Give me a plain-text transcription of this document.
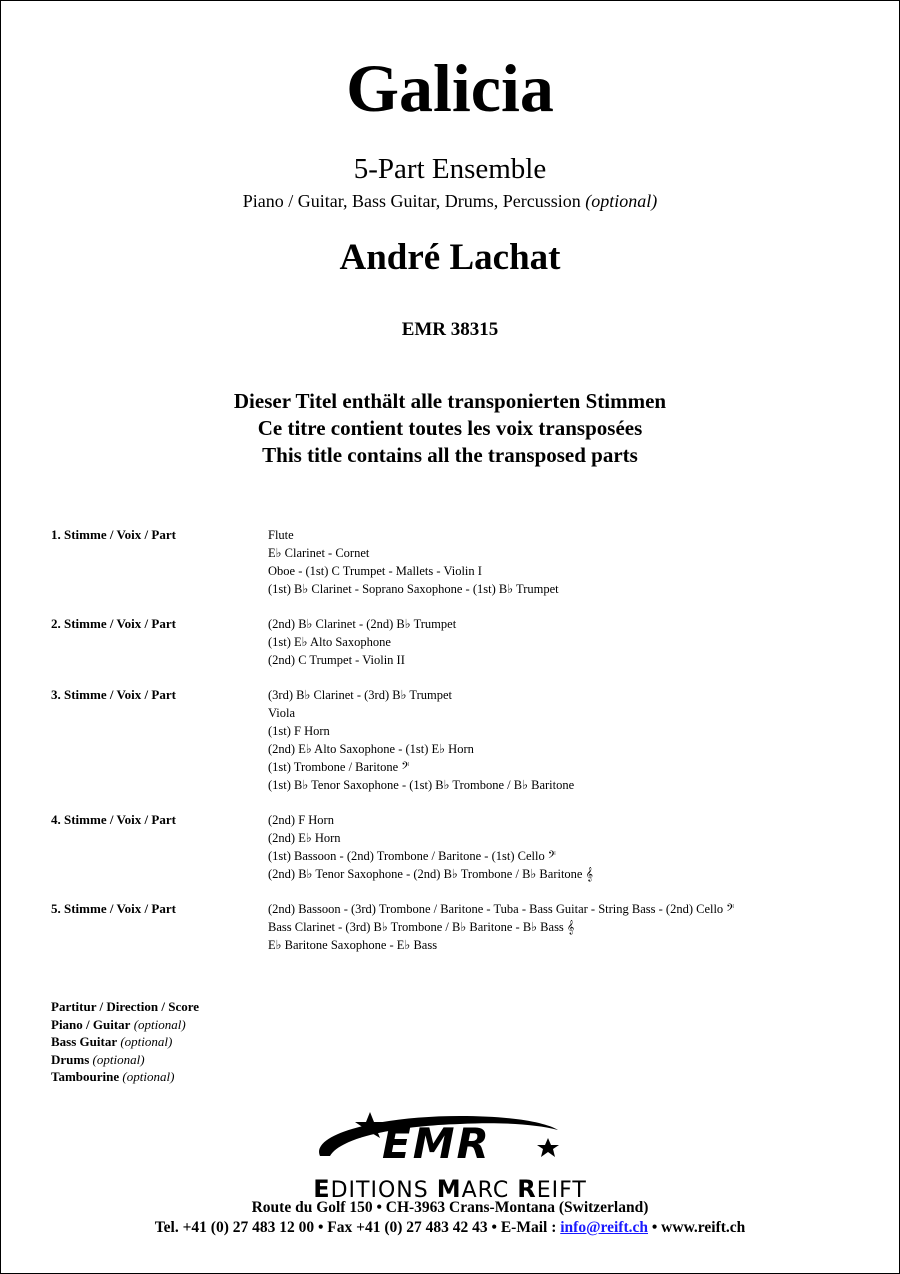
Galicia
5-Part Ensemble
Piano / Guitar, Bass Guitar, Drums, Percussion (optional)
André Lachat
EMR 38315
Dieser Titel enthält alle transponierten Stimmen
Ce titre contient toutes les voix transposées
This title contains all the transposed parts
1. Stimme / Voix / Part	Flute
E♭ Clarinet - Cornet
Oboe - (1st) C Trumpet - Mallets - Violin I
(1st) B♭ Clarinet - Soprano Saxophone - (1st) B♭ Trumpet
2. Stimme / Voix / Part	(2nd) B♭ Clarinet - (2nd) B♭ Trumpet
(1st) E♭ Alto Saxophone
(2nd) C Trumpet - Violin II
3. Stimme / Voix / Part	(3rd) B♭ Clarinet - (3rd) B♭ Trumpet
Viola
(1st) F Horn
(2nd) E♭ Alto Saxophone - (1st) E♭ Horn
(1st) Trombone / Baritone 𝄢
(1st) B♭ Tenor Saxophone - (1st) B♭ Trombone / B♭ Baritone
4. Stimme / Voix / Part	(2nd) F Horn
(2nd) E♭ Horn
(1st) Bassoon - (2nd) Trombone / Baritone - (1st) Cello 𝄢
(2nd) B♭ Tenor Saxophone - (2nd) B♭ Trombone / B♭ Baritone 𝄞
5. Stimme / Voix / Part	(2nd) Bassoon - (3rd) Trombone / Baritone - Tuba - Bass Guitar - String Bass - (2nd) Cello 𝄢
Bass Clarinet - (3rd) B♭ Trombone / B♭ Baritone - B♭ Bass 𝄞
E♭ Baritone Saxophone - E♭ Bass
Partitur / Direction / Score
Piano / Guitar (optional)
Bass Guitar (optional)
Drums (optional)
Tambourine (optional)
EMR
EDITIONS MARC REIFT
Route du Golf 150 • CH-3963 Crans-Montana (Switzerland)
Tel. +41 (0) 27 483 12 00 • Fax +41 (0) 27 483 42 43 • E-Mail : info@reift.ch • www.reift.ch
